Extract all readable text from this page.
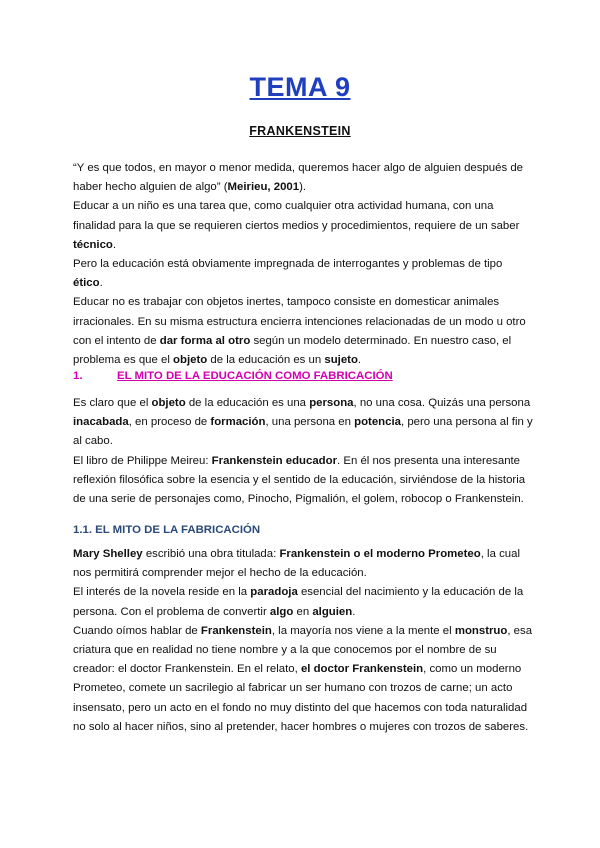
TEMA 9
FRANKENSTEIN

“Y es que todos, en mayor o menor medida, queremos hacer algo de alguien después de haber hecho alguien de algo” (Meirieu, 2001).

Educar a un niño es una tarea que, como cualquier otra actividad humana, con una finalidad para la que se requieren ciertos medios y procedimientos, requiere de un saber técnico.

Pero la educación está obviamente impregnada de interrogantes y problemas de tipo ético.

Educar no es trabajar con objetos inertes, tampoco consiste en domesticar animales irracionales. En su misma estructura encierra intenciones relacionadas de un modo u otro con el intento de dar forma al otro según un modelo determinado. En nuestro caso, el problema es que el objeto de la educación es un sujeto.

1.	EL MITO DE LA EDUCACIÓN COMO FABRICACIÓN

Es claro que el objeto de la educación es una persona, no una cosa. Quizás una persona inacabada, en proceso de formación, una persona en potencia, pero una persona al fin y al cabo.

El libro de Philippe Meireu: Frankenstein educador. En él nos presenta una interesante reflexión filosófica sobre la esencia y el sentido de la educación, sirviéndose de la historia de una serie de personajes como, Pinocho, Pigmalión, el golem, robocop o Frankenstein.

1.1. EL MITO DE LA FABRICACIÓN

Mary Shelley escribió una obra titulada: Frankenstein o el moderno Prometeo, la cual nos permitirá comprender mejor el hecho de la educación.

El interés de la novela reside en la paradoja esencial del nacimiento y la educación de la persona. Con el problema de convertir algo en alguien.

Cuando oímos hablar de Frankenstein, la mayoría nos viene a la mente el monstruo, esa criatura que en realidad no tiene nombre y a la que conocemos por el nombre de su creador: el doctor Frankenstein. En el relato, el doctor Frankenstein, como un moderno Prometeo, comete un sacrilegio al fabricar un ser humano con trozos de carne; un acto insensato, pero un acto en el fondo no muy distinto del que hacemos con toda naturalidad no solo al hacer niños, sino al pretender, hacer hombres o mujeres con trozos de saberes.
